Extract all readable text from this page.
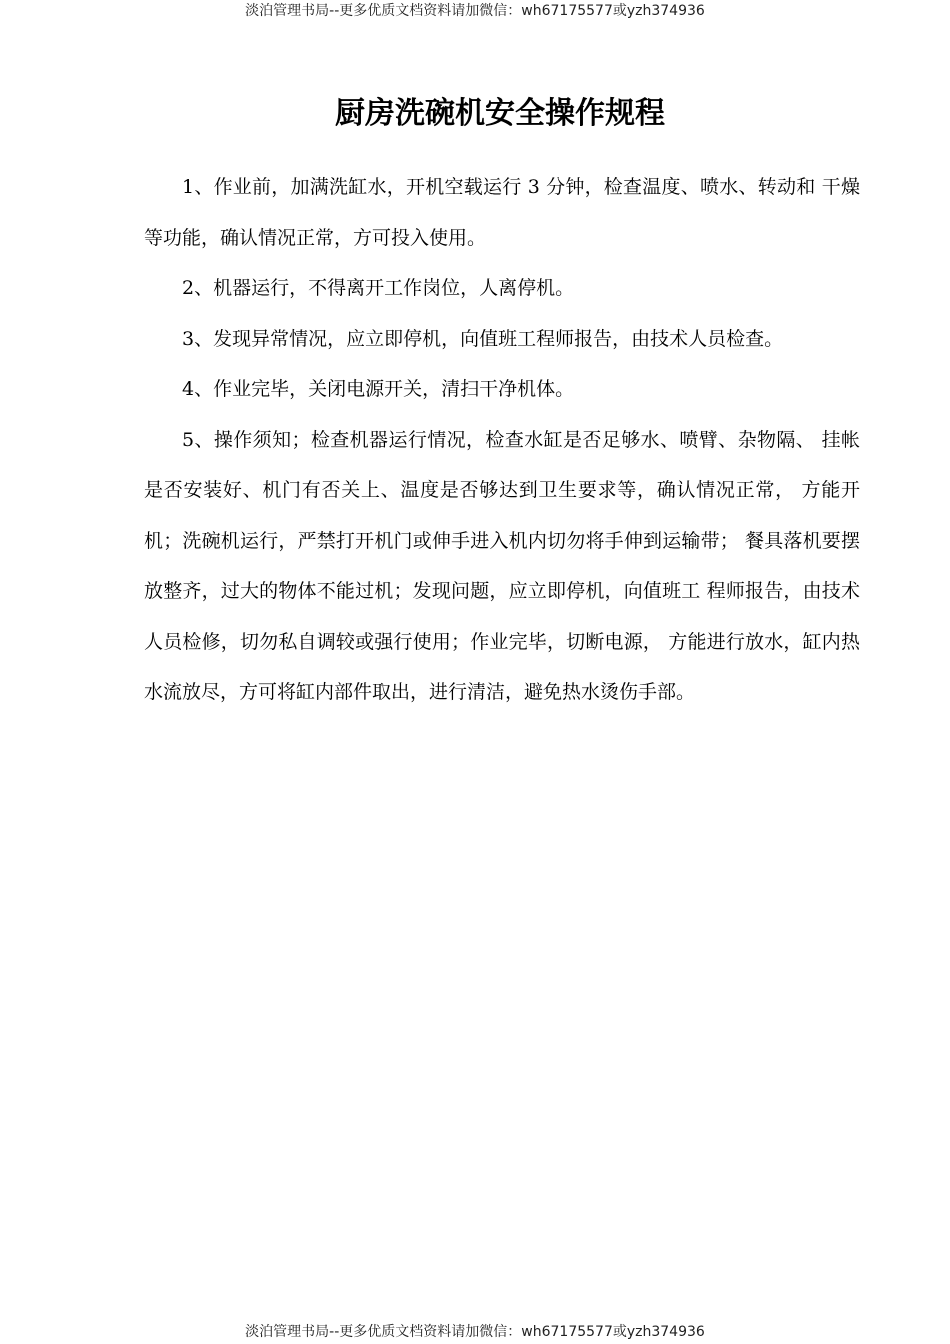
淡泊管理书局--更多优质文档资料请加微信：wh67175577或yzh374936
厨房洗碗机安全操作规程

1、作业前，加满洗缸水，开机空载运行 3 分钟，检查温度、喷水、转动和 干燥等功能，确认情况正常，方可投入使用。

2、机器运行，不得离开工作岗位，人离停机。

3、发现异常情况，应立即停机，向值班工程师报告，由技术人员检查。

4、作业完毕，关闭电源开关，清扫干净机体。

5、操作须知；检查机器运行情况，检查水缸是否足够水、喷臂、杂物隔、 挂帐是否安装好、机门有否关上、温度是否够达到卫生要求等，确认情况正常， 方能开机；洗碗机运行，严禁打开机门或伸手进入机内切勿将手伸到运输带； 餐具落机要摆放整齐，过大的物体不能过机；发现问题，应立即停机，向值班工 程师报告，由技术人员检修，切勿私自调较或强行使用；作业完毕，切断电源， 方能进行放水，缸内热水流放尽，方可将缸内部件取出，进行清洁，避免热水烫伤手部。

淡泊管理书局--更多优质文档资料请加微信：wh67175577或yzh374936
